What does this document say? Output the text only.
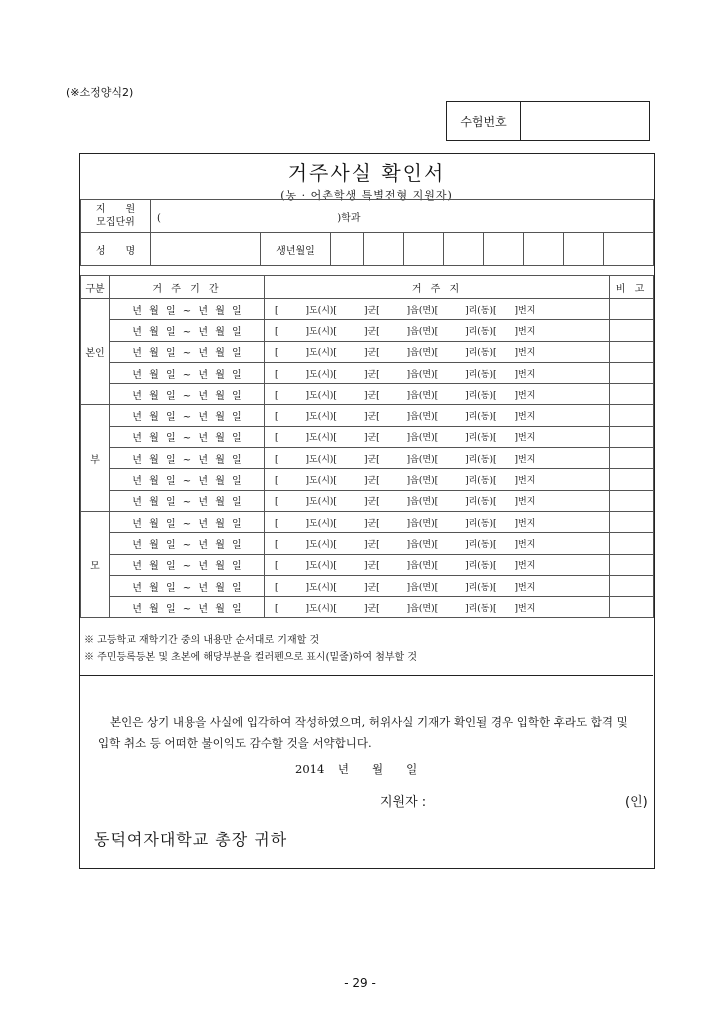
(※소정양식2)
수험번호
거주사실 확인서
(농 · 어촌학생 특별전형 지원자)
지　　원
모집단위	( )학과									
성　　명		생년월일								
구분	거 주 기 간	거 주 지	비 고
본인	년 월 일 ~ 년 월 일	[　　　]도(시)[　　　]군[　　　]읍(면)[　　　]리(동)[　　]번지	
	년 월 일 ~ 년 월 일	[　　　]도(시)[　　　]군[　　　]읍(면)[　　　]리(동)[　　]번지	
	년 월 일 ~ 년 월 일	[　　　]도(시)[　　　]군[　　　]읍(면)[　　　]리(동)[　　]번지	
	년 월 일 ~ 년 월 일	[　　　]도(시)[　　　]군[　　　]읍(면)[　　　]리(동)[　　]번지	
	년 월 일 ~ 년 월 일	[　　　]도(시)[　　　]군[　　　]읍(면)[　　　]리(동)[　　]번지	
부	년 월 일 ~ 년 월 일	[　　　]도(시)[　　　]군[　　　]읍(면)[　　　]리(동)[　　]번지	
	년 월 일 ~ 년 월 일	[　　　]도(시)[　　　]군[　　　]읍(면)[　　　]리(동)[　　]번지	
	년 월 일 ~ 년 월 일	[　　　]도(시)[　　　]군[　　　]읍(면)[　　　]리(동)[　　]번지	
	년 월 일 ~ 년 월 일	[　　　]도(시)[　　　]군[　　　]읍(면)[　　　]리(동)[　　]번지	
	년 월 일 ~ 년 월 일	[　　　]도(시)[　　　]군[　　　]읍(면)[　　　]리(동)[　　]번지	
모	년 월 일 ~ 년 월 일	[　　　]도(시)[　　　]군[　　　]읍(면)[　　　]리(동)[　　]번지	
	년 월 일 ~ 년 월 일	[　　　]도(시)[　　　]군[　　　]읍(면)[　　　]리(동)[　　]번지	
	년 월 일 ~ 년 월 일	[　　　]도(시)[　　　]군[　　　]읍(면)[　　　]리(동)[　　]번지	
	년 월 일 ~ 년 월 일	[　　　]도(시)[　　　]군[　　　]읍(면)[　　　]리(동)[　　]번지	
	년 월 일 ~ 년 월 일	[　　　]도(시)[　　　]군[　　　]읍(면)[　　　]리(동)[　　]번지	
※ 고등학교 재학기간 중의 내용만 순서대로 기재할 것
※ 주민등록등본 및 초본에 해당부분을 컬러펜으로 표시(밑줄)하여 첨부할 것
본인은 상기 내용을 사실에 입각하여 작성하였으며, 허위사실 기재가 확인될 경우 입학한 후라도 합격 및 입학 취소 등 어떠한 불이익도 감수할 것을 서약합니다.
2014 년　　월　　일
지원자 :	(인)
동덕여자대학교 총장 귀하
- 29 -
